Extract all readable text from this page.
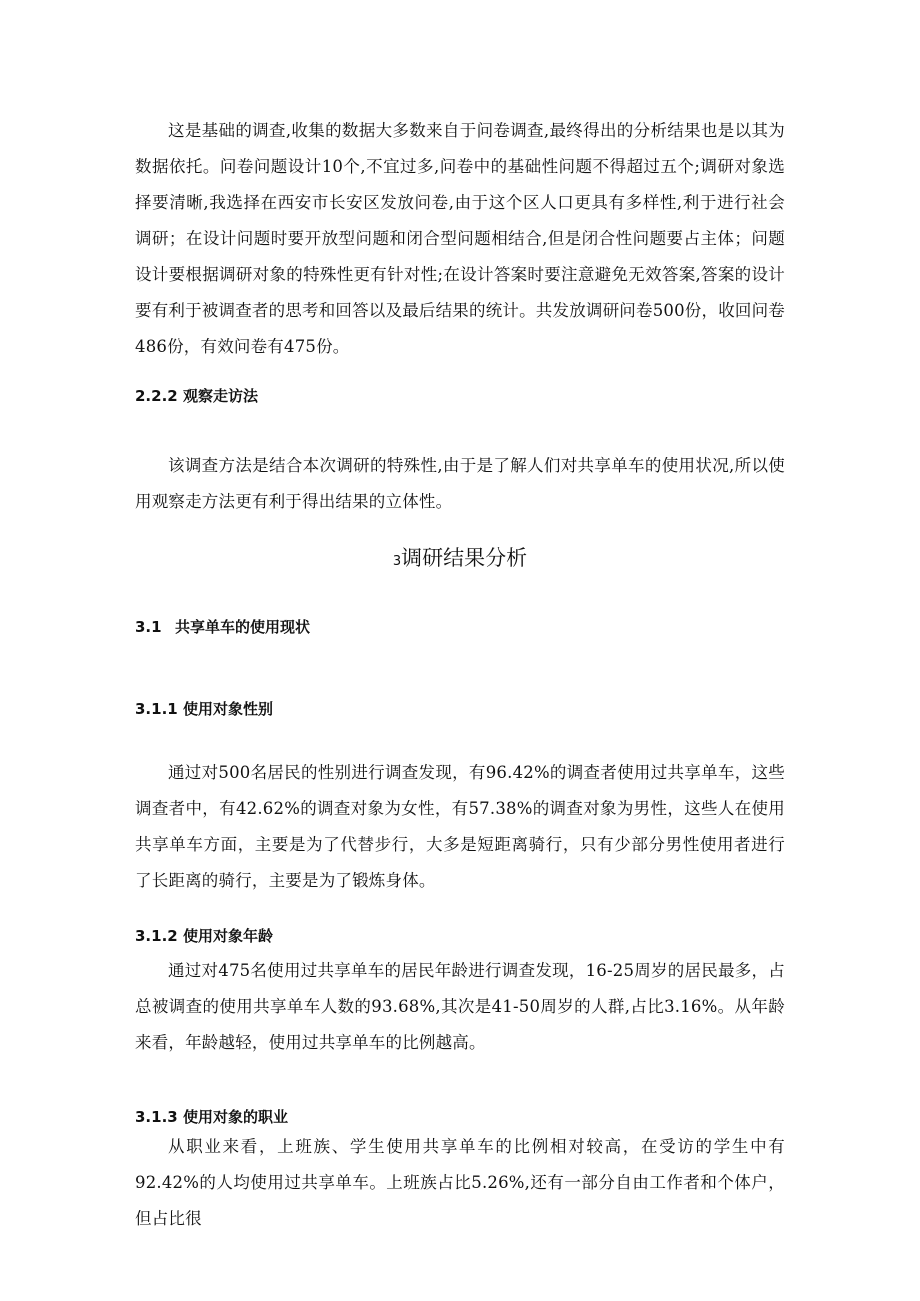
这是基础的调查,收集的数据大多数来自于问卷调查,最终得出的分析结果也是以其为数据依托。问卷问题设计10个,不宜过多,问卷中的基础性问题不得超过五个;调研对象选择要清晰,我选择在西安市长安区发放问卷,由于这个区人口更具有多样性,利于进行社会调研；在设计问题时要开放型问题和闭合型问题相结合,但是闭合性问题要占主体；问题设计要根据调研对象的特殊性更有针对性;在设计答案时要注意避免无效答案,答案的设计要有利于被调查者的思考和回答以及最后结果的统计。共发放调研问卷500份，收回问卷486份，有效问卷有475份。

2.2.2 观察走访法

该调查方法是结合本次调研的特殊性,由于是了解人们对共享单车的使用状况,所以使用观察走方法更有利于得出结果的立体性。

3调研结果分析
3.1 共享单车的使用现状
3.1.1 使用对象性别

通过对500名居民的性别进行调查发现，有96.42%的调查者使用过共享单车，这些调查者中，有42.62%的调查对象为女性，有57.38%的调查对象为男性，这些人在使用共享单车方面，主要是为了代替步行，大多是短距离骑行，只有少部分男性使用者进行了长距离的骑行，主要是为了锻炼身体。

3.1.2 使用对象年龄

通过对475名使用过共享单车的居民年龄进行调查发现，16-25周岁的居民最多，占总被调查的使用共享单车人数的93.68%,其次是41-50周岁的人群,占比3.16%。从年龄来看，年龄越轻，使用过共享单车的比例越高。

3.1.3 使用对象的职业

从职业来看，上班族、学生使用共享单车的比例相对较高，在受访的学生中有92.42%的人均使用过共享单车。上班族占比5.26%,还有一部分自由工作者和个体户，但占比很
